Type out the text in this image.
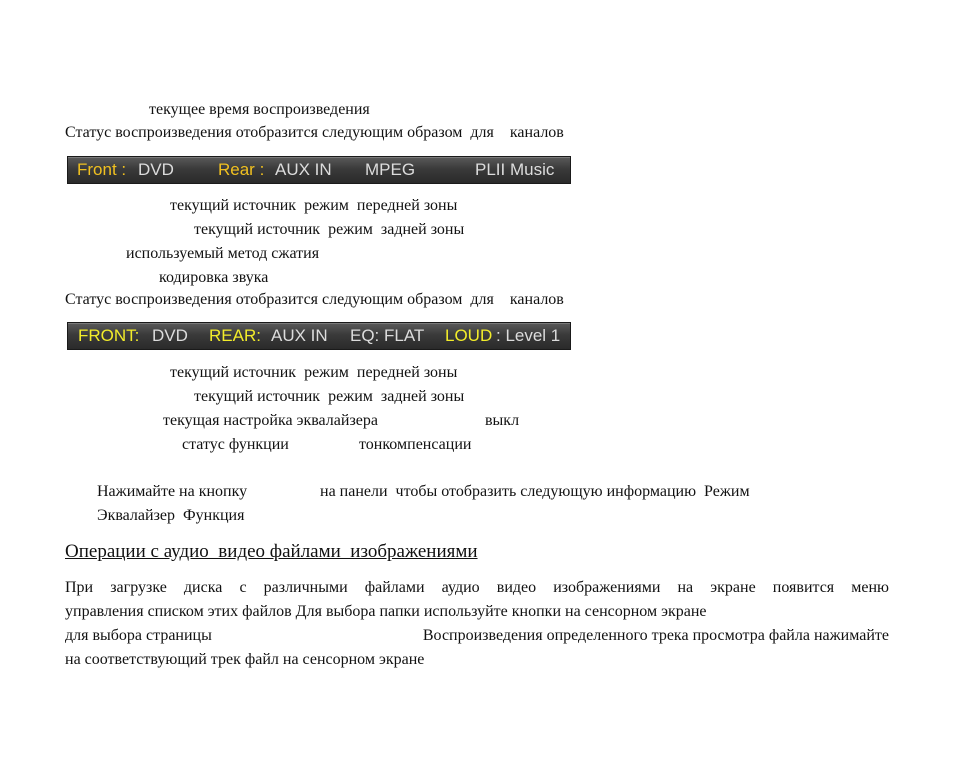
текущее время воспроизведения
Статус воспроизведения отобразится следующим образом  для    каналов
Front : DVD	Rear : AUX IN MPEG	PLII Music
текущий источник  режим  передней зоны
текущий источник  режим  задней зоны
используемый метод сжатия
кодировка звука
Статус воспроизведения отобразится следующим образом  для    каналов
FRONT: DVD REAR: AUX IN EQ: FLAT LOUD : Level 1
текущий источник  режим  передней зоны
текущий источник  режим  задней зоны
текущая настройка эквалайзера	выкл
статус функции	тонкомпенсации
Нажимайте на кнопку	на панели  чтобы отобразить следующую информацию  Режим
Эквалайзер  Функция
Операции с аудио  видео файлами  изображениями

При загрузке диска с различными файлами аудио видео изображениями на экране появится меню

управления списком этих файлов Для выбора папки используйте кнопки на сенсорном экране

для выбора страницы	Воспроизведения определенного трека просмотра файла нажимайте

на соответствующий трек файл на сенсорном экране
